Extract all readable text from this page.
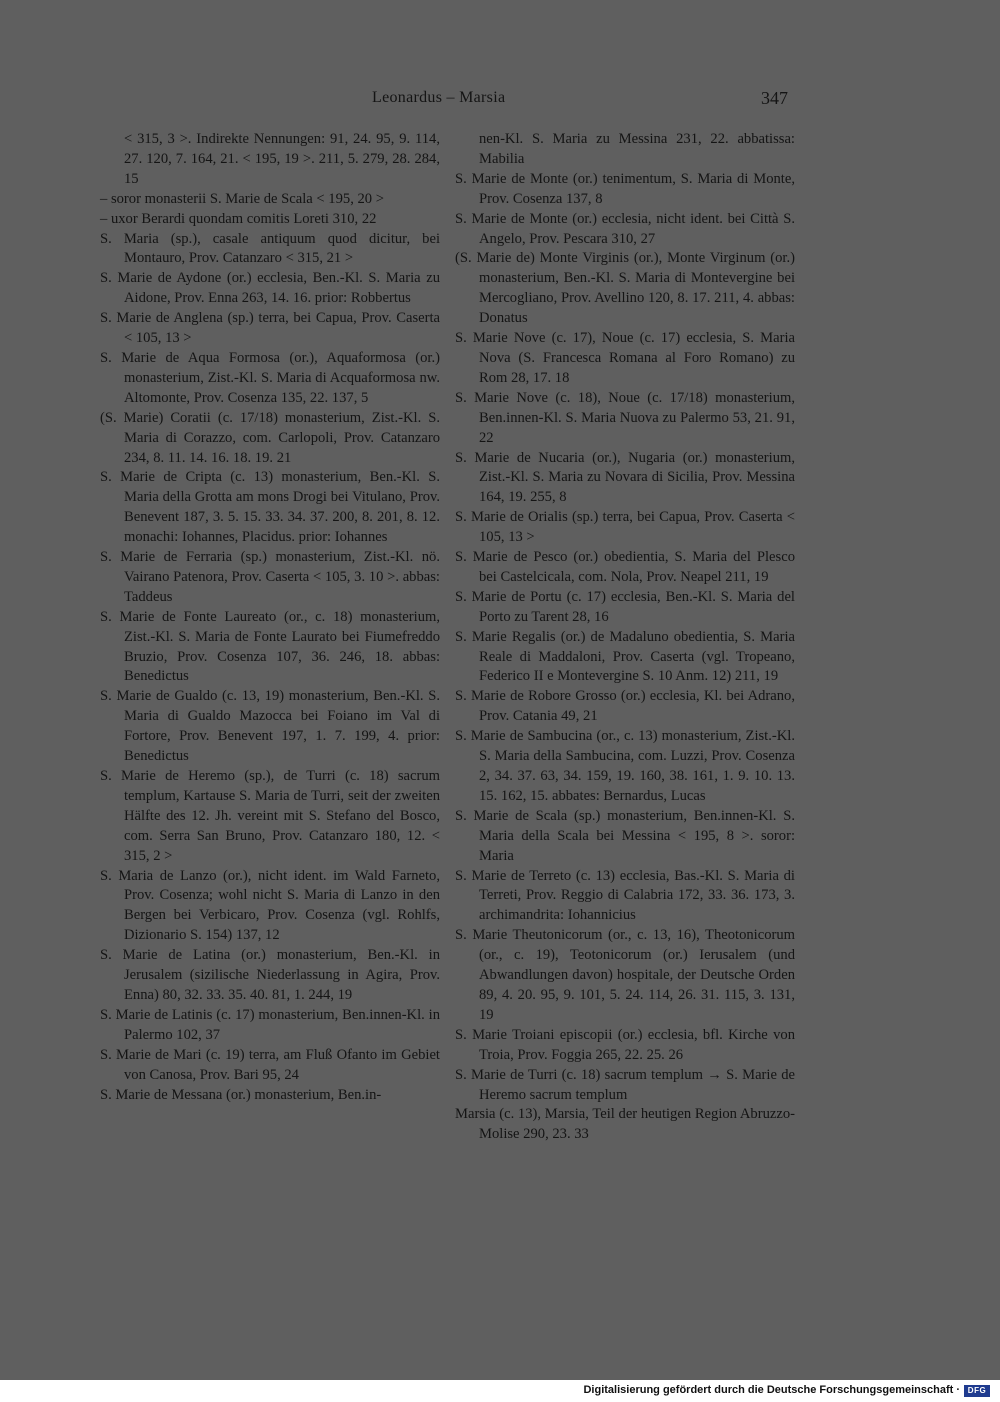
Leonardus – Marsia	347

< 315, 3 >. Indirekte Nennungen: 91, 24. 95, 9. 114, 27. 120, 7. 164, 21. < 195, 19 >. 211, 5. 279, 28. 284, 15

– soror monasterii S. Marie de Scala < 195, 20 >

– uxor Berardi quondam comitis Loreti 310, 22

S. Maria (sp.), casale antiquum quod dicitur, bei Montauro, Prov. Catanzaro < 315, 21 >

S. Marie de Aydone (or.) ecclesia, Ben.-Kl. S. Maria zu Aidone, Prov. Enna 263, 14. 16. prior: Robbertus

S. Marie de Anglena (sp.) terra, bei Capua, Prov. Caserta < 105, 13 >

S. Marie de Aqua Formosa (or.), Aquaformosa (or.) monasterium, Zist.-Kl. S. Maria di Acquaformosa nw. Altomonte, Prov. Cosenza 135, 22. 137, 5

(S. Marie) Coratii (c. 17/18) monasterium, Zist.-Kl. S. Maria di Corazzo, com. Carlopoli, Prov. Catanzaro 234, 8. 11. 14. 16. 18. 19. 21

S. Marie de Cripta (c. 13) monasterium, Ben.-Kl. S. Maria della Grotta am mons Drogi bei Vitulano, Prov. Benevent 187, 3. 5. 15. 33. 34. 37. 200, 8. 201, 8. 12. monachi: Iohannes, Placidus. prior: Iohannes

S. Marie de Ferraria (sp.) monasterium, Zist.-Kl. nö. Vairano Patenora, Prov. Caserta < 105, 3. 10 >. abbas: Taddeus

S. Marie de Fonte Laureato (or., c. 18) monasterium, Zist.-Kl. S. Maria de Fonte Laurato bei Fiumefreddo Bruzio, Prov. Cosenza 107, 36. 246, 18. abbas: Benedictus

S. Marie de Gualdo (c. 13, 19) monasterium, Ben.-Kl. S. Maria di Gualdo Mazocca bei Foiano im Val di Fortore, Prov. Benevent 197, 1. 7. 199, 4. prior: Benedictus

S. Marie de Heremo (sp.), de Turri (c. 18) sacrum templum, Kartause S. Maria de Turri, seit der zweiten Hälfte des 12. Jh. vereint mit S. Stefano del Bosco, com. Serra San Bruno, Prov. Catanzaro 180, 12. < 315, 2 >

S. Maria de Lanzo (or.), nicht ident. im Wald Farneto, Prov. Cosenza; wohl nicht S. Maria di Lanzo in den Bergen bei Verbicaro, Prov. Cosenza (vgl. Rohlfs, Dizionario S. 154) 137, 12

S. Marie de Latina (or.) monasterium, Ben.-Kl. in Jerusalem (sizilische Niederlassung in Agira, Prov. Enna) 80, 32. 33. 35. 40. 81, 1. 244, 19

S. Marie de Latinis (c. 17) monasterium, Ben.innen-Kl. in Palermo 102, 37

S. Marie de Mari (c. 19) terra, am Fluß Ofanto im Gebiet von Canosa, Prov. Bari 95, 24

S. Marie de Messana (or.) monasterium, Ben.in-

nen-Kl. S. Maria zu Messina 231, 22. abbatissa: Mabilia

S. Marie de Monte (or.) tenimentum, S. Maria di Monte, Prov. Cosenza 137, 8

S. Marie de Monte (or.) ecclesia, nicht ident. bei Città S. Angelo, Prov. Pescara 310, 27

(S. Marie de) Monte Virginis (or.), Monte Virginum (or.) monasterium, Ben.-Kl. S. Maria di Montevergine bei Mercogliano, Prov. Avellino 120, 8. 17. 211, 4. abbas: Donatus

S. Marie Nove (c. 17), Noue (c. 17) ecclesia, S. Maria Nova (S. Francesca Romana al Foro Romano) zu Rom 28, 17. 18

S. Marie Nove (c. 18), Noue (c. 17/18) monasterium, Ben.innen-Kl. S. Maria Nuova zu Palermo 53, 21. 91, 22

S. Marie de Nucaria (or.), Nugaria (or.) monasterium, Zist.-Kl. S. Maria zu Novara di Sicilia, Prov. Messina 164, 19. 255, 8

S. Marie de Orialis (sp.) terra, bei Capua, Prov. Caserta < 105, 13 >

S. Marie de Pesco (or.) obedientia, S. Maria del Plesco bei Castelcicala, com. Nola, Prov. Neapel 211, 19

S. Marie de Portu (c. 17) ecclesia, Ben.-Kl. S. Maria del Porto zu Tarent 28, 16

S. Marie Regalis (or.) de Madaluno obedientia, S. Maria Reale di Maddaloni, Prov. Caserta (vgl. Tropeano, Federico II e Montevergine S. 10 Anm. 12) 211, 19

S. Marie de Robore Grosso (or.) ecclesia, Kl. bei Adrano, Prov. Catania 49, 21

S. Marie de Sambucina (or., c. 13) monasterium, Zist.-Kl. S. Maria della Sambucina, com. Luzzi, Prov. Cosenza 2, 34. 37. 63, 34. 159, 19. 160, 38. 161, 1. 9. 10. 13. 15. 162, 15. abbates: Bernardus, Lucas

S. Marie de Scala (sp.) monasterium, Ben.innen-Kl. S. Maria della Scala bei Messina < 195, 8 >. soror: Maria

S. Marie de Terreto (c. 13) ecclesia, Bas.-Kl. S. Maria di Terreti, Prov. Reggio di Calabria 172, 33. 36. 173, 3. archimandrita: Iohannicius

S. Marie Theutonicorum (or., c. 13, 16), Theotonicorum (or., c. 19), Teotonicorum (or.) Ierusalem (und Abwandlungen davon) hospitale, der Deutsche Orden 89, 4. 20. 95, 9. 101, 5. 24. 114, 26. 31. 115, 3. 131, 19

S. Marie Troiani episcopii (or.) ecclesia, bfl. Kirche von Troia, Prov. Foggia 265, 22. 25. 26

S. Marie de Turri (c. 18) sacrum templum → S. Marie de Heremo sacrum templum

Marsia (c. 13), Marsia, Teil der heutigen Region Abruzzo-Molise 290, 23. 33

Digitalisierung gefördert durch die Deutsche Forschungsgemeinschaft · DFG
